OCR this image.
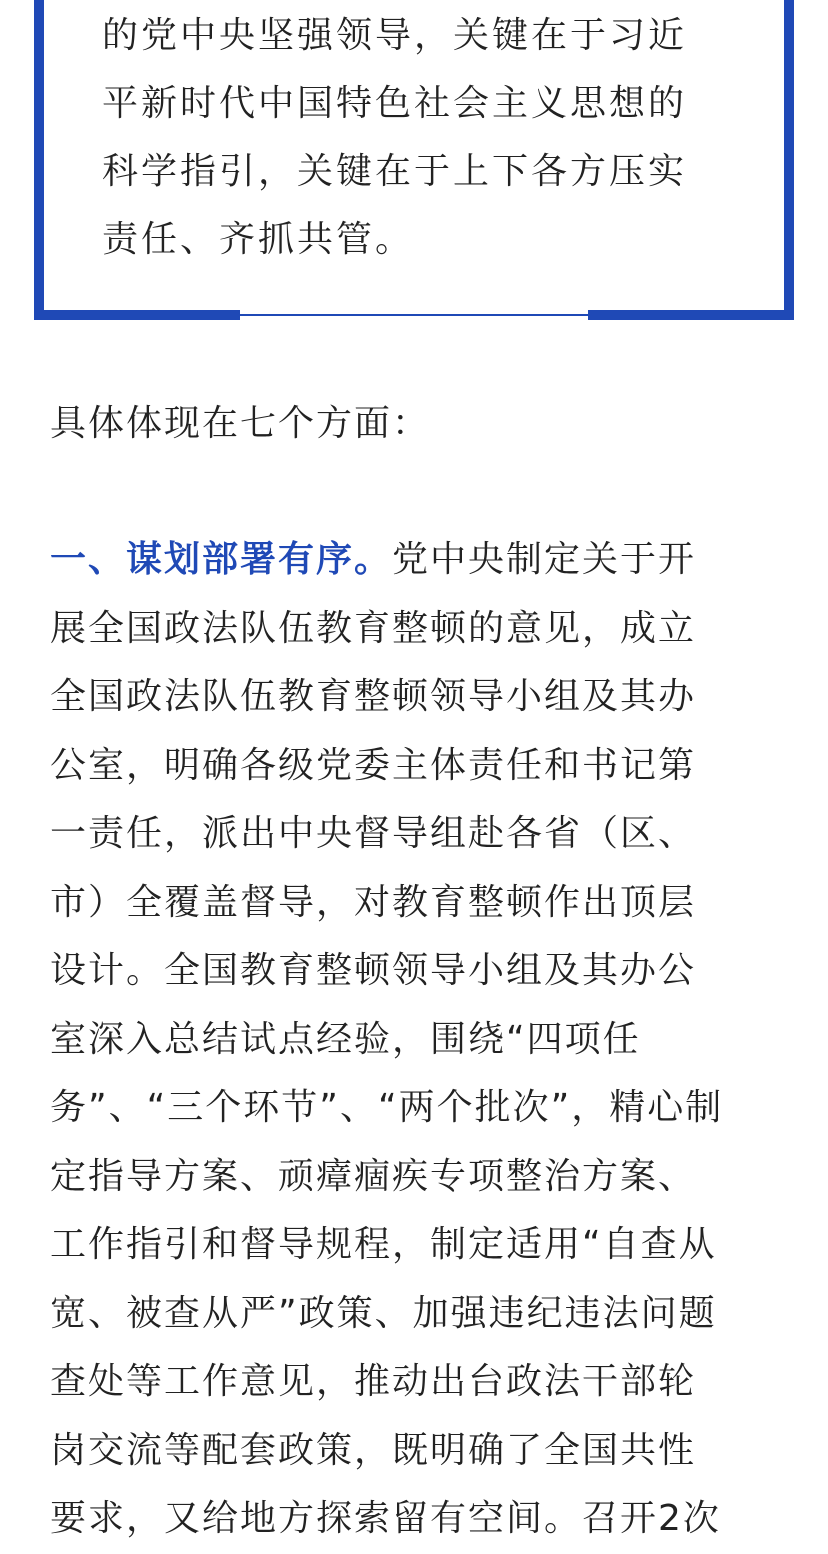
的党中央坚强领导，关键在于习近
平新时代中国特色社会主义思想的
科学指引，关键在于上下各方压实
责任、齐抓共管。
具体体现在七个方面：
一、谋划部署有序。党中央制定关于开
展全国政法队伍教育整顿的意见，成立
全国政法队伍教育整顿领导小组及其办
公室，明确各级党委主体责任和书记第
一责任，派出中央督导组赴各省（区、
市）全覆盖督导，对教育整顿作出顶层
设计。全国教育整顿领导小组及其办公
室深入总结试点经验，围绕“四项任
务”、“三个环节”、“两个批次”，精心制
定指导方案、顽瘴痼疾专项整治方案、
工作指引和督导规程，制定适用“自查从
宽、被查从严”政策、加强违纪违法问题
查处等工作意见，推动出台政法干部轮
岗交流等配套政策，既明确了全国共性
要求，又给地方探索留有空间。召开2次
